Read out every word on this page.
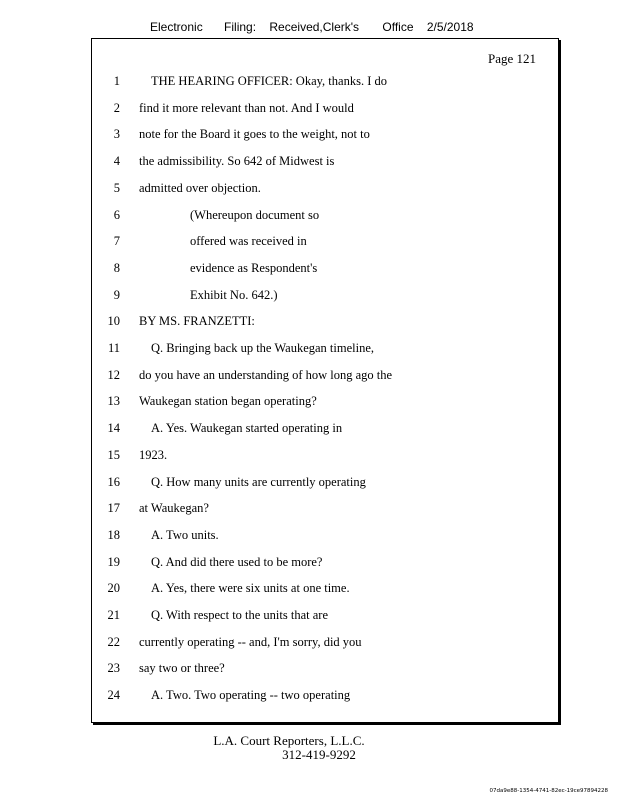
Electronic Filing: Received,Clerk's Office 2/5/2018
Page 121
1 THE HEARING OFFICER: Okay, thanks. I do
2 find it more relevant than not. And I would
3 note for the Board it goes to the weight, not to
4 the admissibility. So 642 of Midwest is
5 admitted over objection.
6	(Whereupon document so
7	offered was received in
8	evidence as Respondent's
9	Exhibit No. 642.)
10 BY MS. FRANZETTI:
11 Q. Bringing back up the Waukegan timeline,
12 do you have an understanding of how long ago the
13 Waukegan station began operating?
14 A. Yes. Waukegan started operating in
15 1923.
16 Q. How many units are currently operating
17 at Waukegan?
18 A. Two units.
19 Q. And did there used to be more?
20 A. Yes, there were six units at one time.
21 Q. With respect to the units that are
22 currently operating -- and, I'm sorry, did you
23 say two or three?
24 A. Two. Two operating -- two operating
L.A. Court Reporters, L.L.C.
312-419-9292
07da9e88-1354-4741-82ec-19ce97894228
